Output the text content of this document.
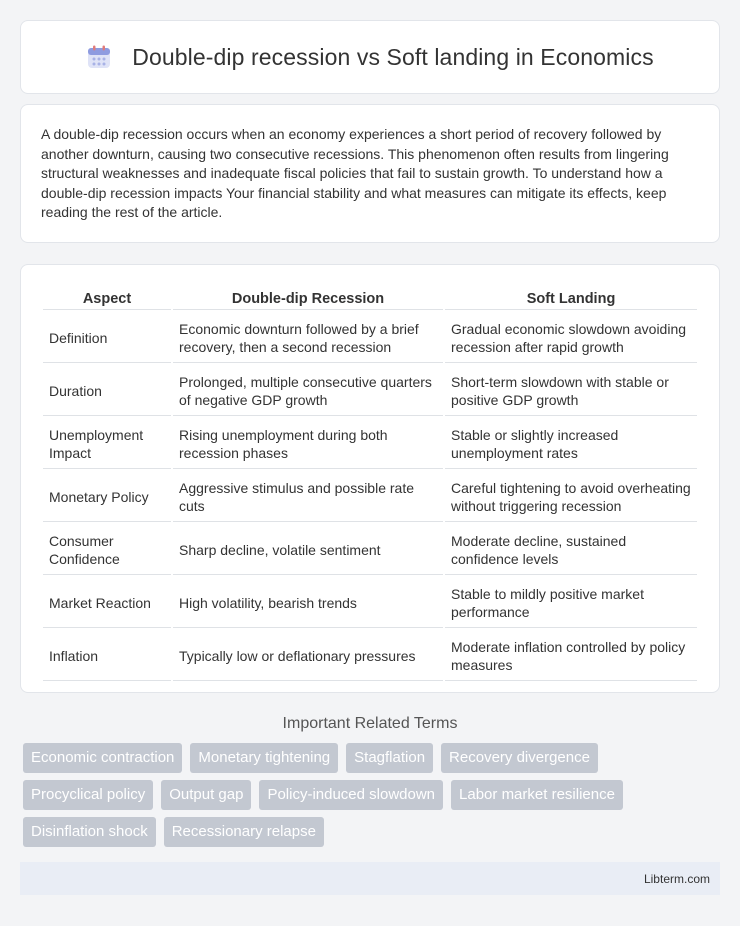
Double-dip recession vs Soft landing in Economics

A double-dip recession occurs when an economy experiences a short period of recovery followed by another downturn, causing two consecutive recessions. This phenomenon often results from lingering structural weaknesses and inadequate fiscal policies that fail to sustain growth. To understand how a double-dip recession impacts Your financial stability and what measures can mitigate its effects, keep reading the rest of the article.

Aspect	Double-dip Recession	Soft Landing
Definition	Economic downturn followed by a brief recovery, then a second recession	Gradual economic slowdown avoiding recession after rapid growth
Duration	Prolonged, multiple consecutive quarters of negative GDP growth	Short-term slowdown with stable or positive GDP growth
Unemployment Impact	Rising unemployment during both recession phases	Stable or slightly increased unemployment rates
Monetary Policy	Aggressive stimulus and possible rate cuts	Careful tightening to avoid overheating without triggering recession
Consumer Confidence	Sharp decline, volatile sentiment	Moderate decline, sustained confidence levels
Market Reaction	High volatility, bearish trends	Stable to mildly positive market performance
Inflation	Typically low or deflationary pressures	Moderate inflation controlled by policy measures
Important Related Terms
Economic contraction	Monetary tightening	Stagflation	Recovery divergence
Procyclical policy	Output gap	Policy-induced slowdown	Labor market resilience
Disinflation shock	Recessionary relapse
Libterm.com
